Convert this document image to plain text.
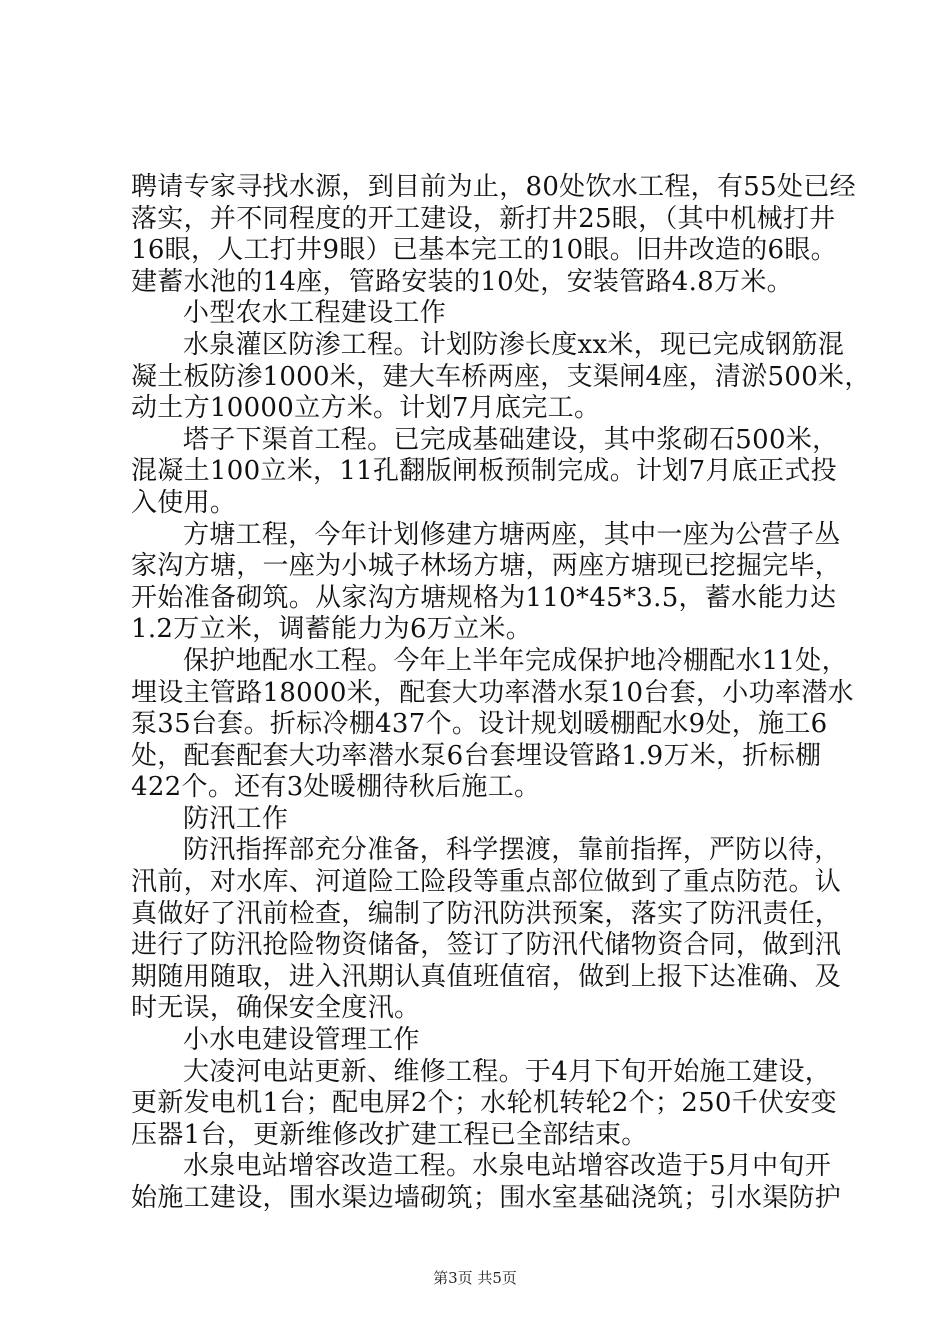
聘请专家寻找水源，到目前为止，80处饮水工程，有55处已经
落实，并不同程度的开工建设，新打井25眼，（其中机械打井
16眼，人工打井9眼）已基本完工的10眼。旧井改造的6眼。
建蓄水池的14座，管路安装的10处，安装管路4.8万米。
小型农水工程建设工作
水泉灌区防渗工程。计划防渗长度xx米，现已完成钢筋混
凝土板防渗1000米，建大车桥两座，支渠闸4座，清淤500米，
动土方10000立方米。计划7月底完工。
塔子下渠首工程。已完成基础建设，其中浆砌石500米，
混凝土100立米，11孔翻版闸板预制完成。计划7月底正式投
入使用。
方塘工程，今年计划修建方塘两座，其中一座为公营子丛
家沟方塘，一座为小城子林场方塘，两座方塘现已挖掘完毕，
开始准备砌筑。从家沟方塘规格为110*45*3.5，蓄水能力达
1.2万立米，调蓄能力为6万立米。
保护地配水工程。今年上半年完成保护地冷棚配水11处，
埋设主管路18000米，配套大功率潜水泵10台套，小功率潜水
泵35台套。折标冷棚437个。设计规划暖棚配水9处，施工6
处，配套配套大功率潜水泵6台套埋设管路1.9万米，折标棚
422个。还有3处暖棚待秋后施工。
防汛工作
防汛指挥部充分准备，科学摆渡，靠前指挥，严防以待，
汛前，对水库、河道险工险段等重点部位做到了重点防范。认
真做好了汛前检查，编制了防汛防洪预案，落实了防汛责任，
进行了防汛抢险物资储备，签订了防汛代储物资合同，做到汛
期随用随取，进入汛期认真值班值宿，做到上报下达准确、及
时无误，确保安全度汛。
小水电建设管理工作
大凌河电站更新、维修工程。于4月下旬开始施工建设，
更新发电机1台；配电屏2个；水轮机转轮2个；250千伏安变
压器1台，更新维修改扩建工程已全部结束。
水泉电站增容改造工程。水泉电站增容改造于5月中旬开
始施工建设，围水渠边墙砌筑；围水室基础浇筑；引水渠防护
第3页 共5页
